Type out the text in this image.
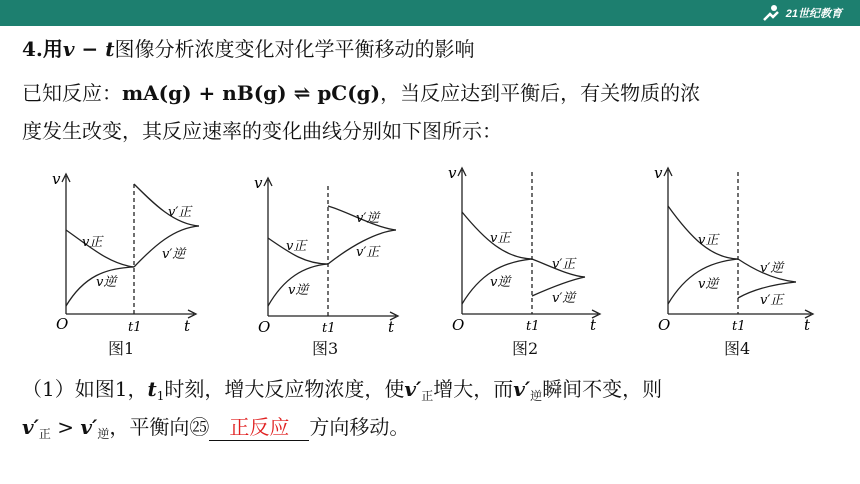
21世纪教育
4.用v − t图像分析浓度变化对化学平衡移动的影响
已知反应：mA(g) + nB(g) ⇌ pC(g)，当反应达到平衡后，有关物质的浓
度发生改变，其反应速率的变化曲线分别如下图所示：
v
O	t1	t
v正
v逆
v′正
v′逆
图1
v
O	t1	t
v正
v逆
v′逆
v′正
图3
v
O	t1	t
v正
v逆
v′正
v′逆
图2
v
O	t1	t
v正
v逆
v′逆
v′正
图4
（1）如图1，$t_1$时刻，增大反应物浓度，使$v'_正$增大，而$v'_逆$瞬间不变，则
$v'_正 > v'_逆$，平衡向㉕ 正反应 方向移动。
